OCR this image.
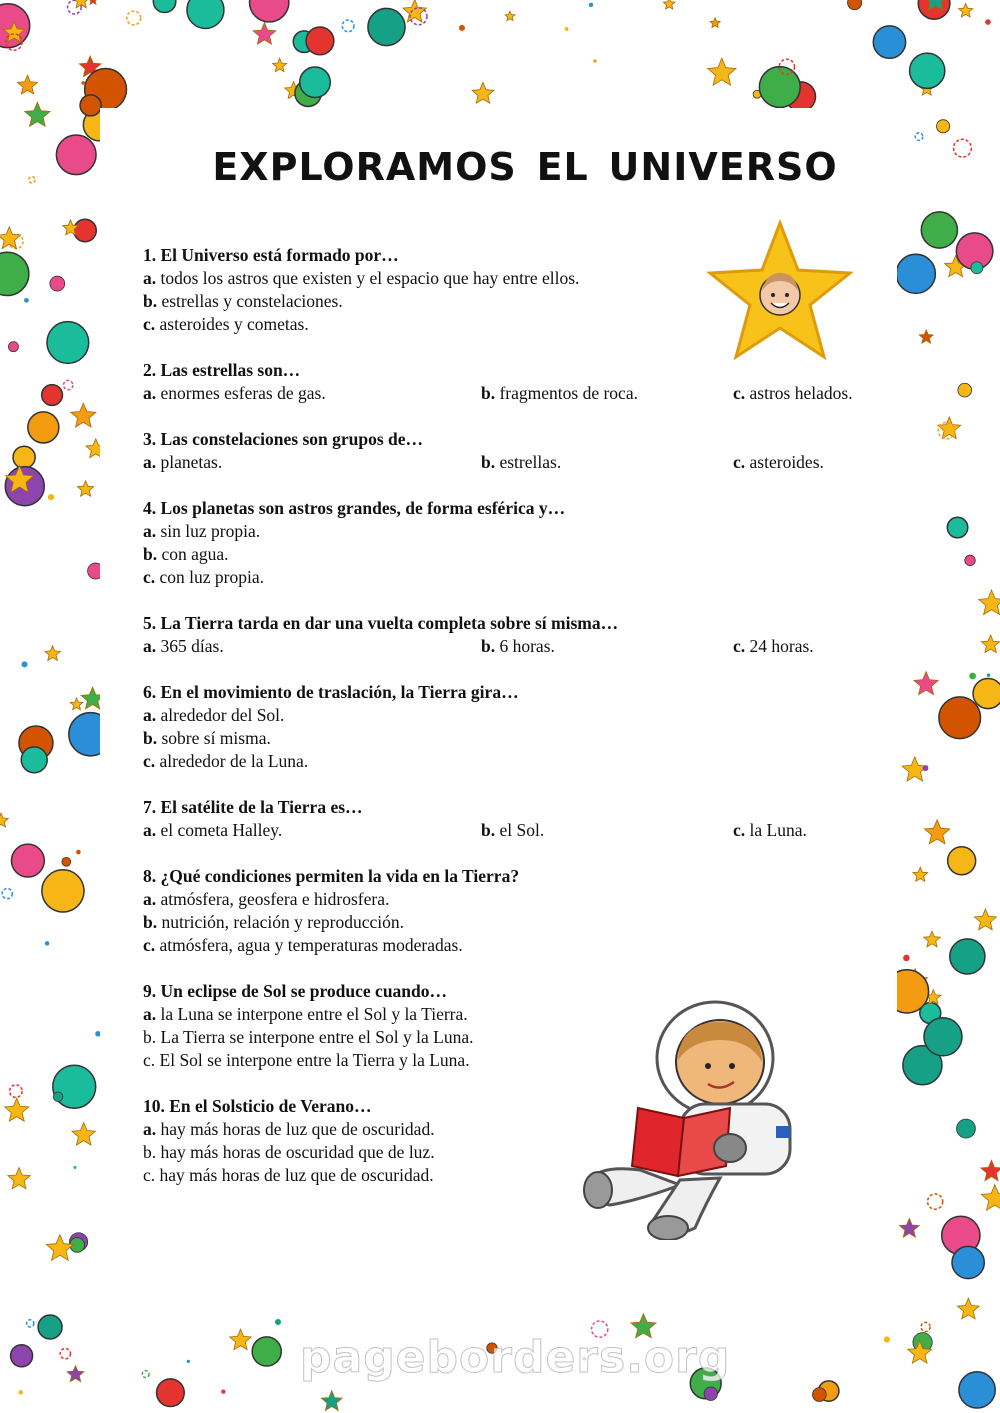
exploramos el universo
1. El Universo está formado por…
a. todos los astros que existen y el espacio que hay entre ellos.
b. estrellas y constelaciones.
c. asteroides y cometas.
2. Las estrellas son…
a. enormes esferas de gas.	b. fragmentos de roca.	c. astros helados.
3. Las constelaciones son grupos de…
a. planetas.	b. estrellas.	c. asteroides.
4. Los planetas son astros grandes, de forma esférica y…
a. sin luz propia.
b. con agua.
c. con luz propia.
5. La Tierra tarda en dar una vuelta completa sobre sí misma…
a. 365 días.	b. 6 horas.	c. 24 horas.
6. En el movimiento de traslación, la Tierra gira…
a. alrededor del Sol.
b. sobre sí misma.
c. alrededor de la Luna.
7. El satélite de la Tierra es…
a. el cometa Halley.	b. el Sol.	c. la Luna.
8. ¿Qué condiciones permiten la vida en la Tierra?
a. atmósfera, geosfera e hidrosfera.
b. nutrición, relación y reproducción.
c. atmósfera, agua y temperaturas moderadas.
9. Un eclipse de Sol se produce cuando…
a. la Luna se interpone entre el Sol y la Tierra.
b. La Tierra se interpone entre el Sol y la Luna.
c. El Sol se interpone entre la Tierra y la Luna.
10. En el Solsticio de Verano…
a. hay más horas de luz que de oscuridad.
b. hay más horas de oscuridad que de luz.
c. hay más horas de luz que de oscuridad.
pageborders.org
